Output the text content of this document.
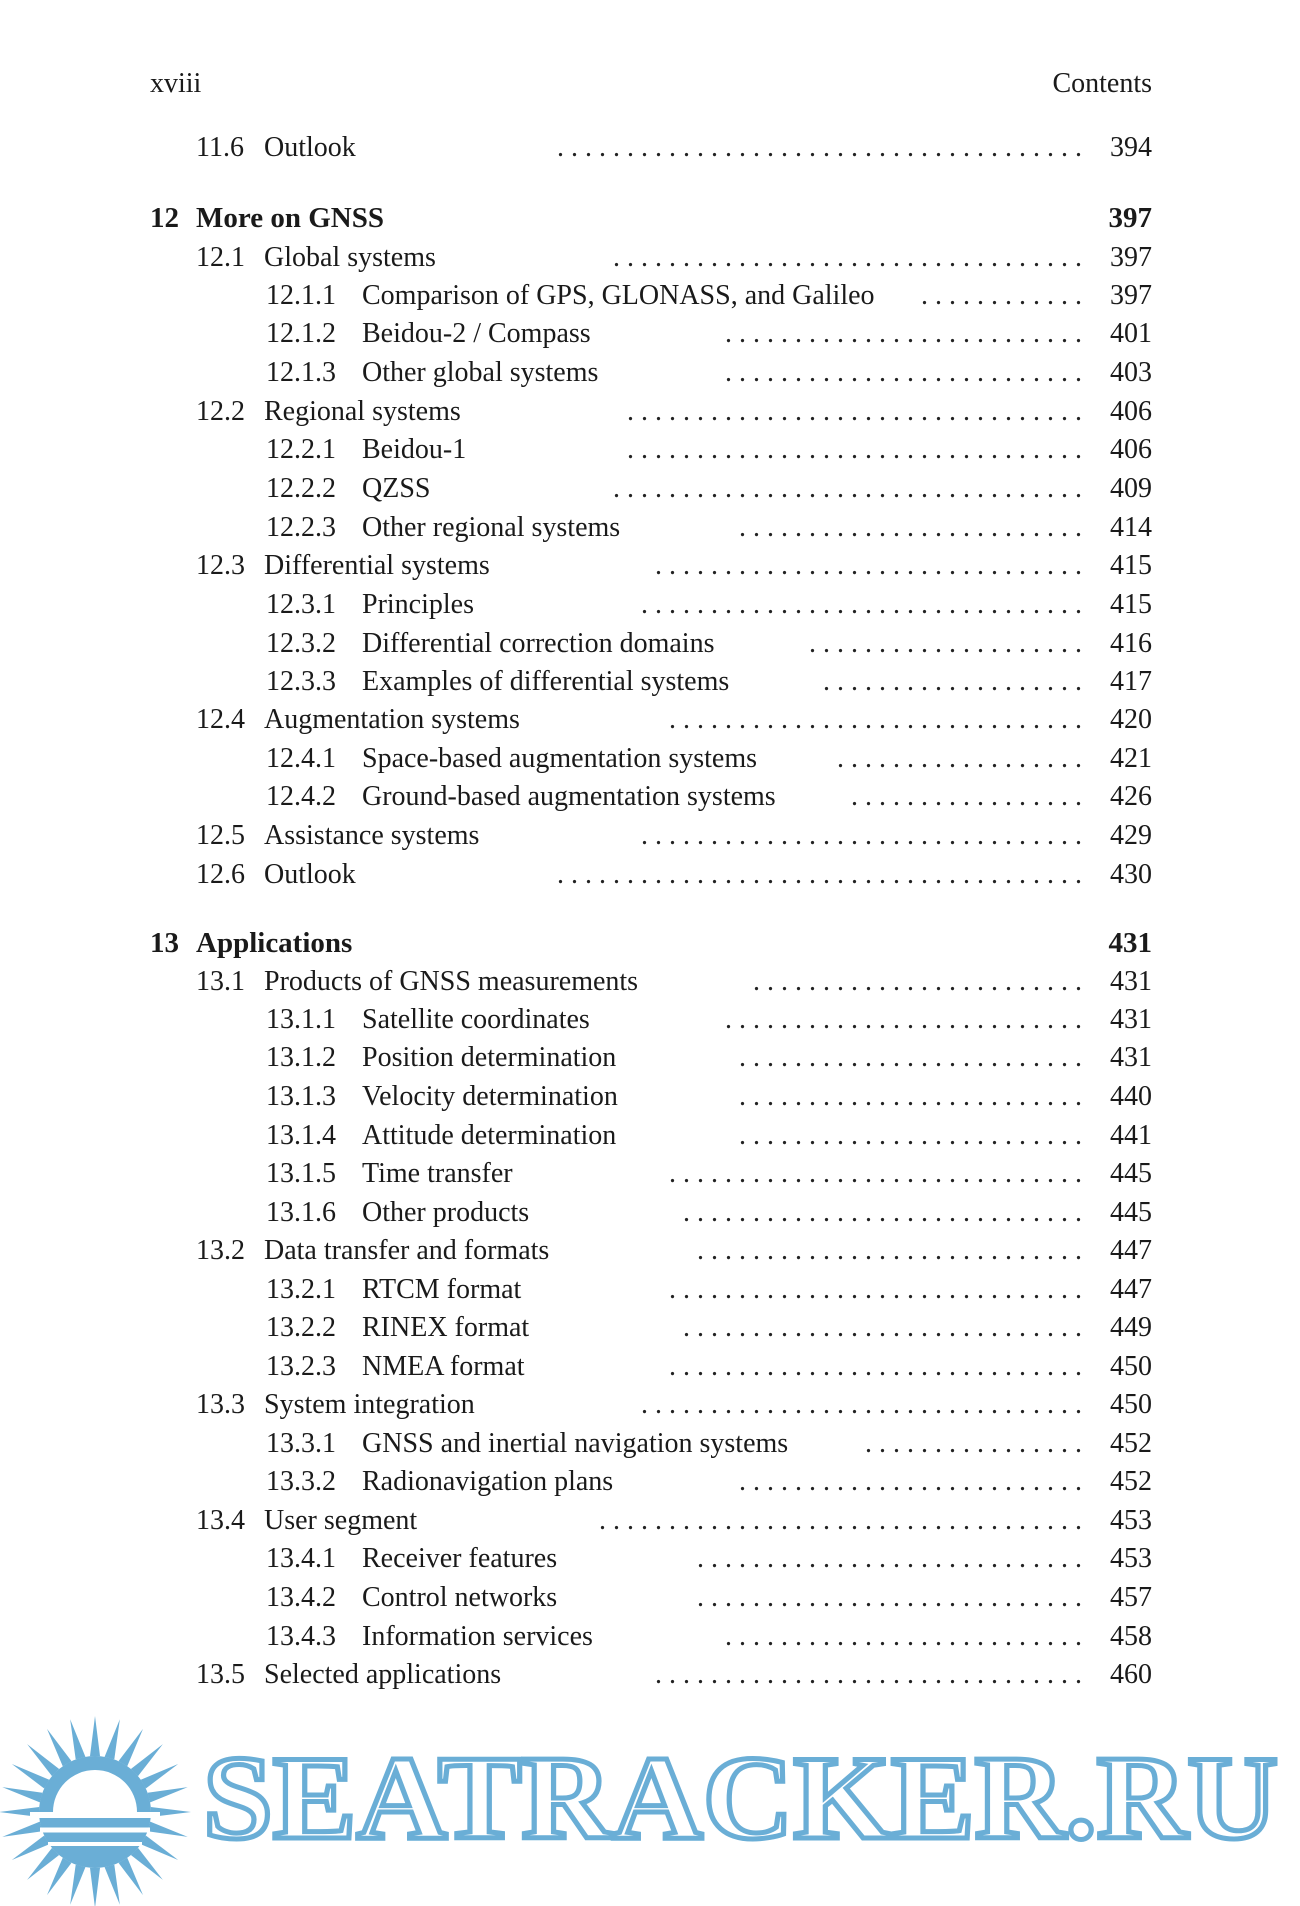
xviii	Contents
11.6 Outlook	. . . . . . . . . . . . . . . . . . . . . . . . . . . . . . . . . . . . . . 394
12 More on GNSS	397
12.1 Global systems	. . . . . . . . . . . . . . . . . . . . . . . . . . . . . . . . . . 397
12.1.1 Comparison of GPS, GLONASS, and Galileo	. . . . . . . . . . . . 397
12.1.2 Beidou-2 / Compass	. . . . . . . . . . . . . . . . . . . . . . . . . . 401
12.1.3 Other global systems	. . . . . . . . . . . . . . . . . . . . . . . . . . 403
12.2 Regional systems	. . . . . . . . . . . . . . . . . . . . . . . . . . . . . . . . . 406
12.2.1 Beidou-1	. . . . . . . . . . . . . . . . . . . . . . . . . . . . . . . . . 406
12.2.2 QZSS	. . . . . . . . . . . . . . . . . . . . . . . . . . . . . . . . . . 409
12.2.3 Other regional systems	. . . . . . . . . . . . . . . . . . . . . . . . . 414
12.3 Differential systems	. . . . . . . . . . . . . . . . . . . . . . . . . . . . . . . 415
12.3.1 Principles	. . . . . . . . . . . . . . . . . . . . . . . . . . . . . . . . 415
12.3.2 Differential correction domains	. . . . . . . . . . . . . . . . . . . . 416
12.3.3 Examples of differential systems	. . . . . . . . . . . . . . . . . . . 417
12.4 Augmentation systems	. . . . . . . . . . . . . . . . . . . . . . . . . . . . . . 420
12.4.1 Space-based augmentation systems	. . . . . . . . . . . . . . . . . . 421
12.4.2 Ground-based augmentation systems	. . . . . . . . . . . . . . . . . 426
12.5 Assistance systems	. . . . . . . . . . . . . . . . . . . . . . . . . . . . . . . . 429
12.6 Outlook	. . . . . . . . . . . . . . . . . . . . . . . . . . . . . . . . . . . . . . 430
13 Applications	431
13.1 Products of GNSS measurements	. . . . . . . . . . . . . . . . . . . . . . . . 431
13.1.1 Satellite coordinates	. . . . . . . . . . . . . . . . . . . . . . . . . . 431
13.1.2 Position determination	. . . . . . . . . . . . . . . . . . . . . . . . . 431
13.1.3 Velocity determination	. . . . . . . . . . . . . . . . . . . . . . . . . 440
13.1.4 Attitude determination	. . . . . . . . . . . . . . . . . . . . . . . . . 441
13.1.5 Time transfer	. . . . . . . . . . . . . . . . . . . . . . . . . . . . . . 445
13.1.6 Other products	. . . . . . . . . . . . . . . . . . . . . . . . . . . . . 445
13.2 Data transfer and formats	. . . . . . . . . . . . . . . . . . . . . . . . . . . . 447
13.2.1 RTCM format	. . . . . . . . . . . . . . . . . . . . . . . . . . . . . . 447
13.2.2 RINEX format	. . . . . . . . . . . . . . . . . . . . . . . . . . . . . 449
13.2.3 NMEA format	. . . . . . . . . . . . . . . . . . . . . . . . . . . . . . 450
13.3 System integration	. . . . . . . . . . . . . . . . . . . . . . . . . . . . . . . . 450
13.3.1 GNSS and inertial navigation systems	. . . . . . . . . . . . . . . . 452
13.3.2 Radionavigation plans	. . . . . . . . . . . . . . . . . . . . . . . . . 452
13.4 User segment	. . . . . . . . . . . . . . . . . . . . . . . . . . . . . . . . . . . 453
13.4.1 Receiver features	. . . . . . . . . . . . . . . . . . . . . . . . . . . . 453
13.4.2 Control networks	. . . . . . . . . . . . . . . . . . . . . . . . . . . . 457
13.4.3 Information services	. . . . . . . . . . . . . . . . . . . . . . . . . . 458
13.5 Selected applications	. . . . . . . . . . . . . . . . . . . . . . . . . . . . . . . 460
SEATRACKER.RU
